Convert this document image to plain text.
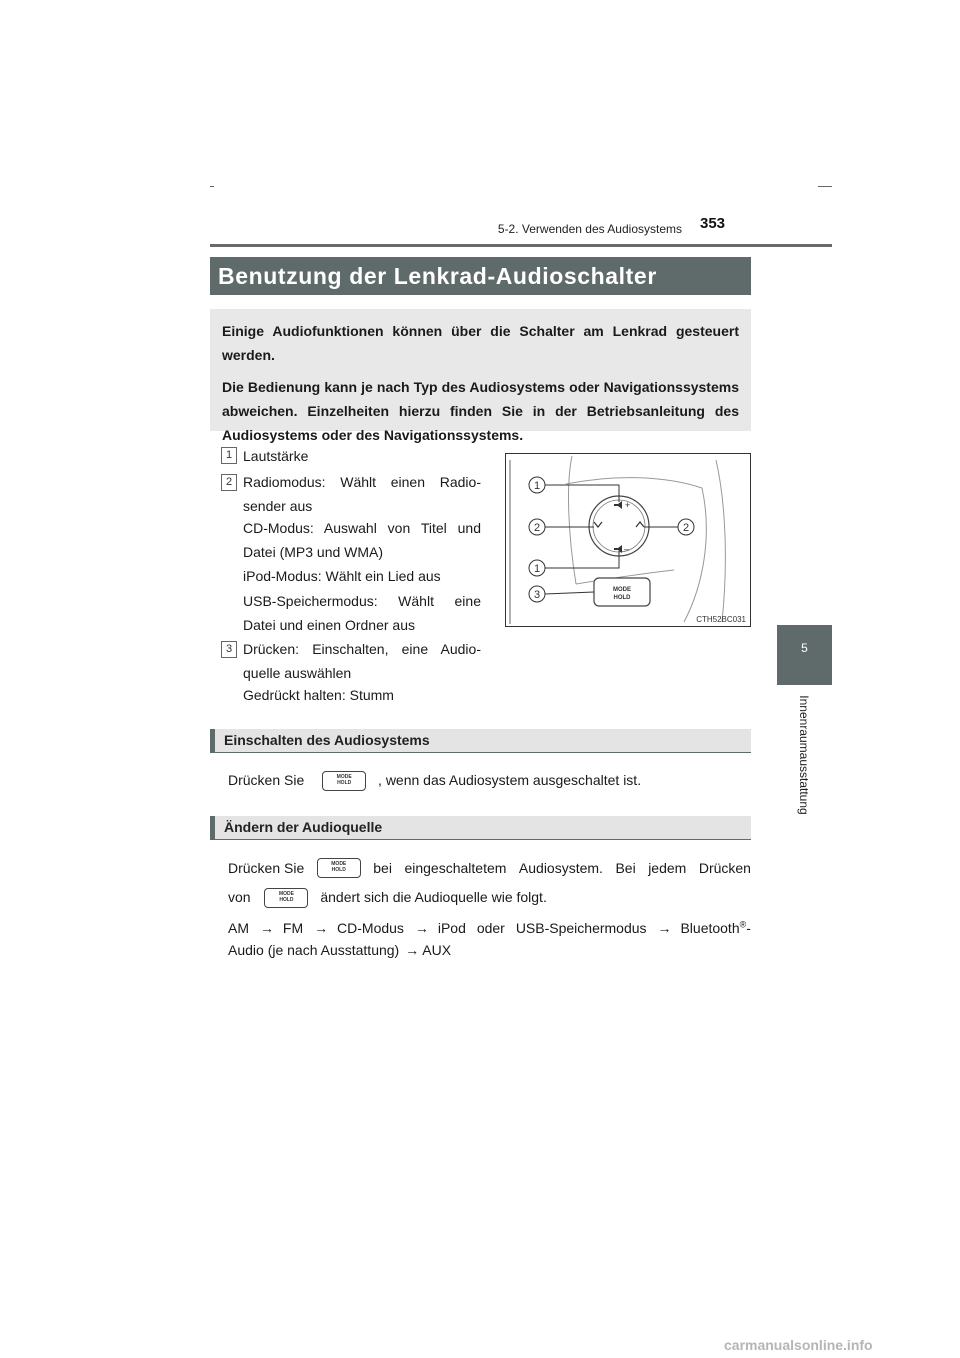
5-2. Verwenden des Audiosystems 353
5
Innenraumausstattung
Benutzung der Lenkrad-Audioschalter

Einige Audiofunktionen können über die Schalter am Lenkrad gesteuert werden.

Die Bedienung kann je nach Typ des Audiosystems oder Navigationssystems abweichen. Einzelheiten hierzu finden Sie in der Betriebsanleitung des Audiosystems oder des Navigationssystems.

1 Lautstärke
2 Radiomodus: Wählt einen Radiosender aus
CD-Modus: Auswahl von Titel und Datei (MP3 und WMA)
iPod-Modus: Wählt ein Lied aus
USB-Speichermodus: Wählt eine Datei und einen Ordner aus
3 Drücken: Einschalten, eine Audioquelle auswählen
Gedrückt halten: Stumm
+
–
MODE
HOLD
1
2	2
1
3
CTH52BC031
Einschalten des Audiosystems
Drücken Sie	MODE
HOLD	, wenn das Audiosystem ausgeschaltet ist.
Ändern der Audioquelle
Drücken Sie	MODE
HOLD	bei eingeschaltetem Audiosystem. Bei jedem Drücken
von	MODE
HOLD	ändert sich die Audioquelle wie folgt.
AM → FM → CD-Modus → iPod oder USB-Speichermodus → Bluetooth®-
Audio (je nach Ausstattung) → AUX
carmanualsonline.info
